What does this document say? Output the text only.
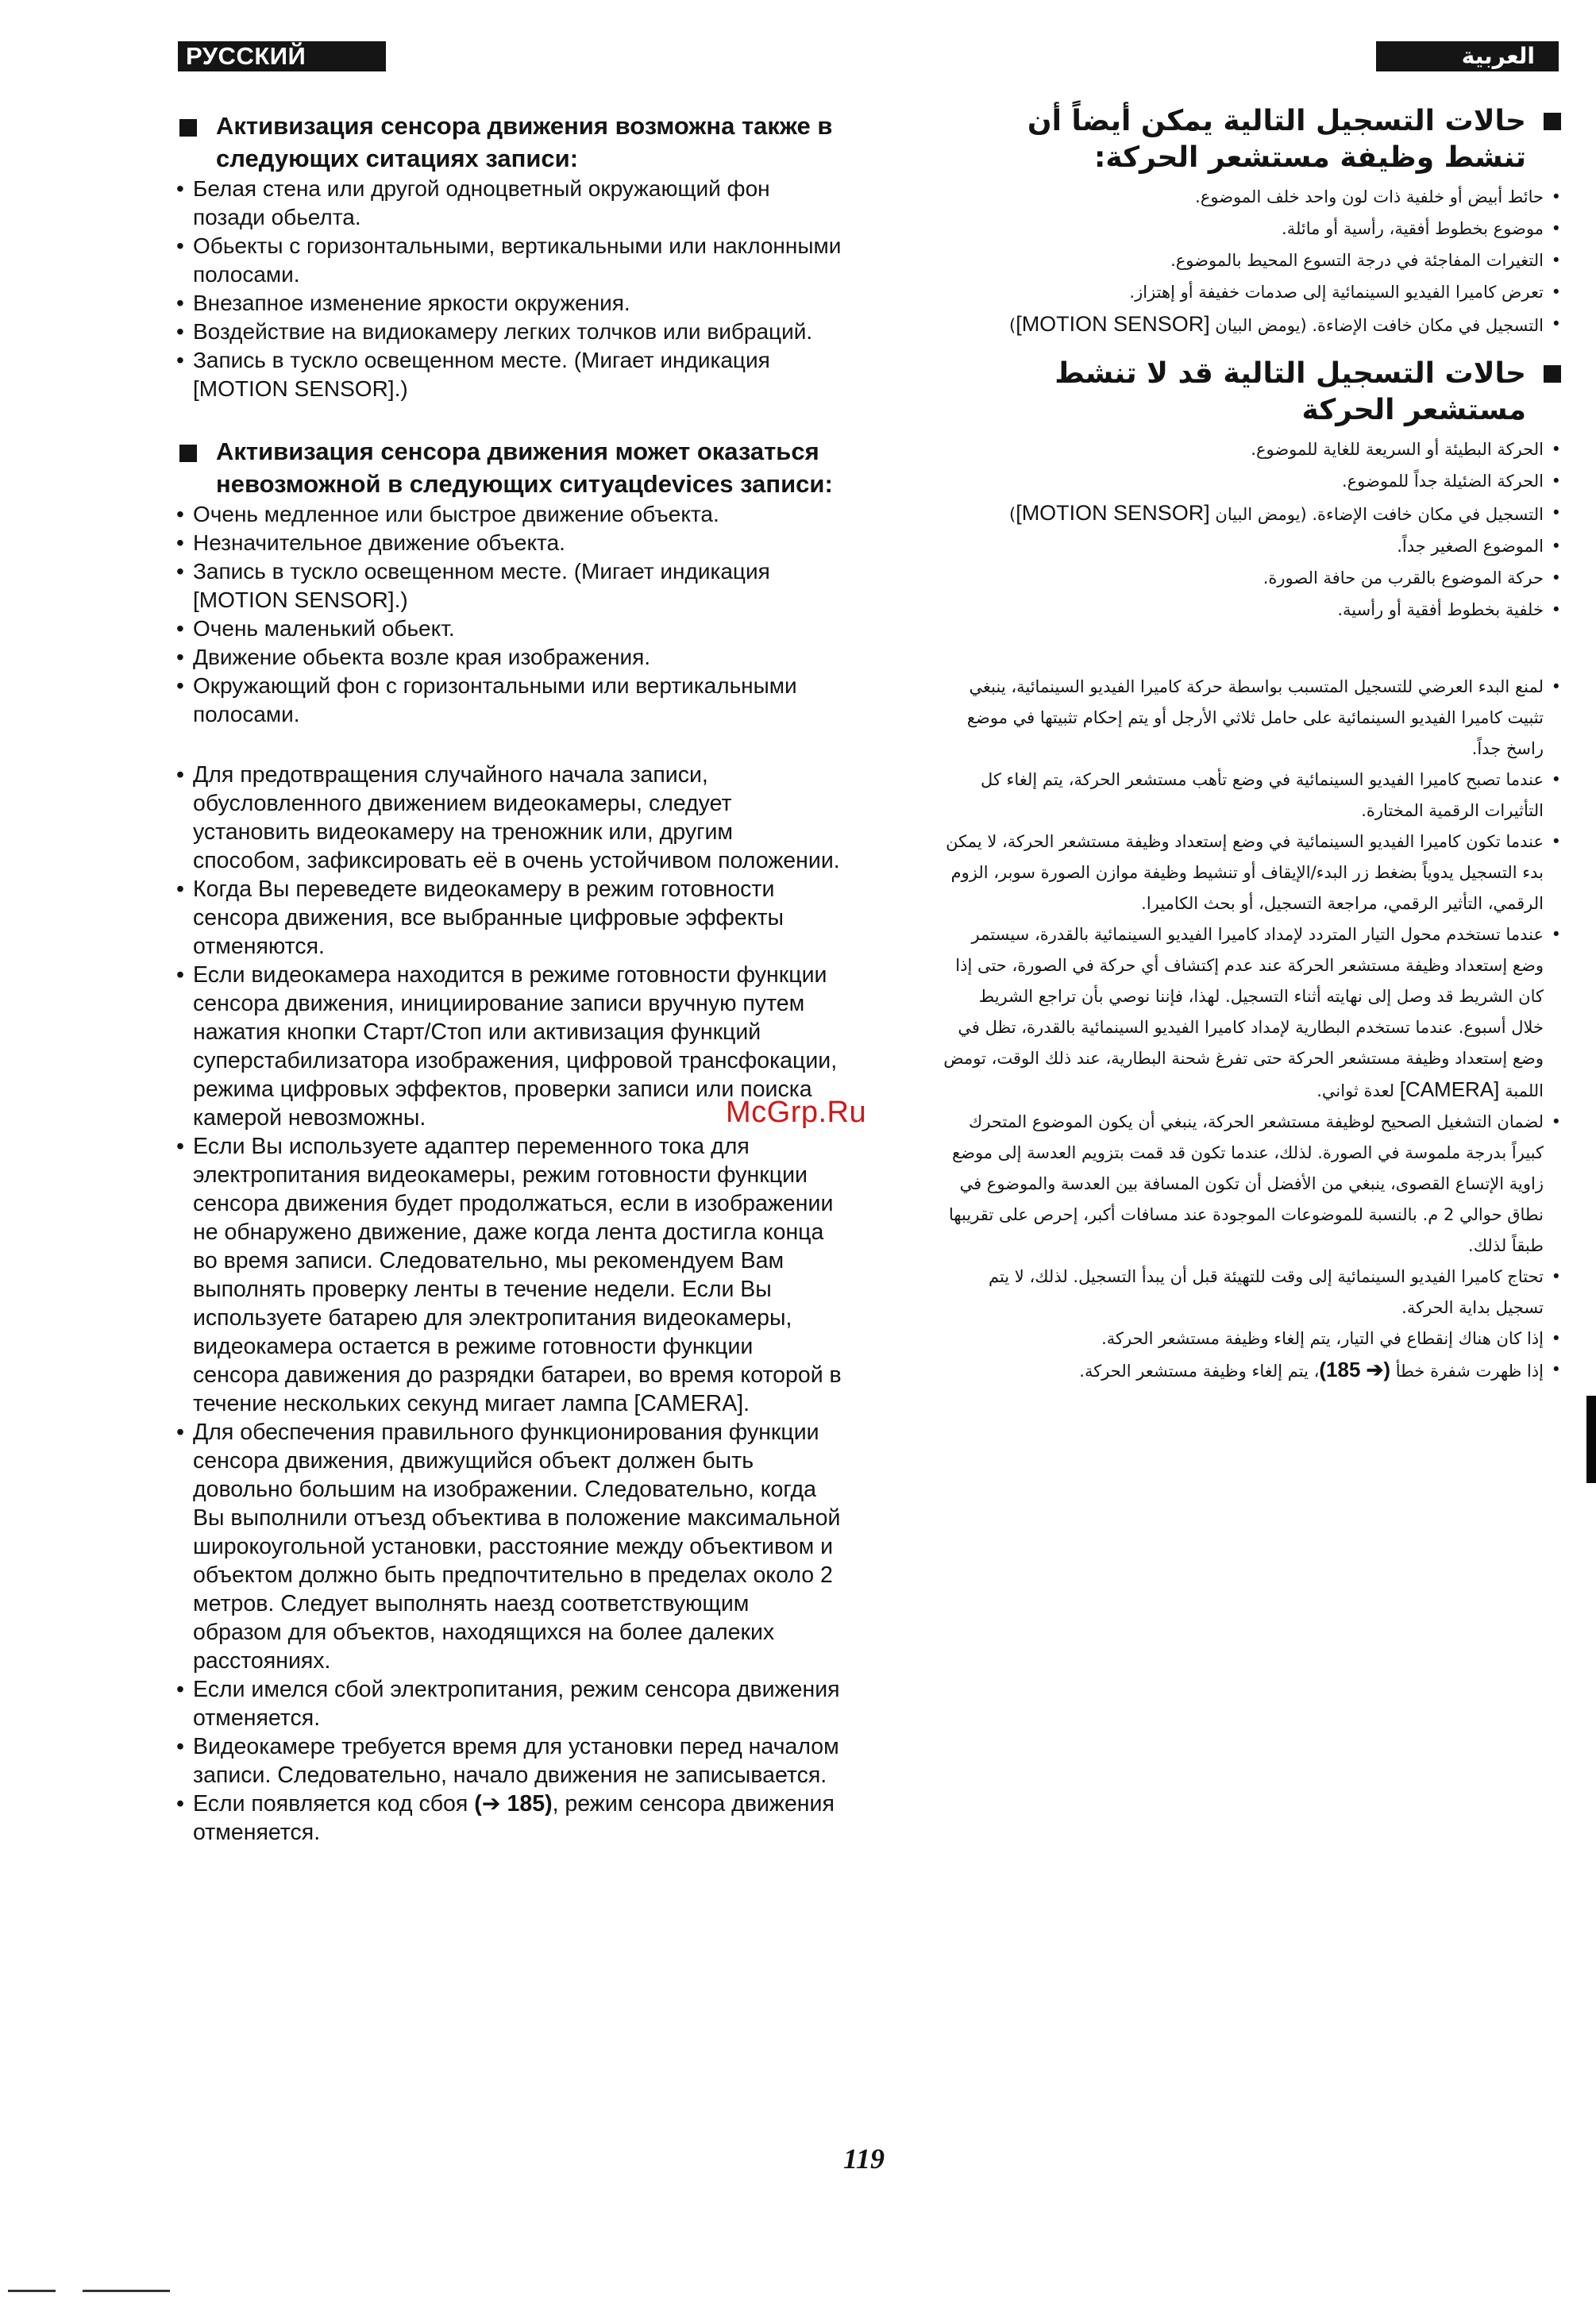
РУССКИЙ ЯЗЫК
العربية
Активизация сенсора движения возможна также в следующих ситациях записи:
• Белая стена или другой одноцветный окружающий фон позади обьелта.
• Обьекты с горизонтальными, вертикальными или наклонными полосами.
• Внезапное изменение яркости окружения.
• Воздействие на видиокамеру легких толчков или вибраций.
• Запись в тускло освещенном месте. (Мигает индикация [MOTION SENSOR].)
Активизация сенсора движения может оказаться невозможной в следующих ситуацdevices записи:
• Очень медленное или быстрое движение объекта.
• Незначительное движение объекта.
• Запись в тускло освещенном месте. (Мигает индикация [MOTION SENSOR].)
• Очень маленький обьект.
• Движение обьекта возле края изображения.
• Окружающий фон с горизонтальными или вертикальными полосами.
• Для предотвращения случайного начала записи, обусловленного движением видеокамеры, следует установить видеокамеру на треножник или, другим способом, зафиксировать её в очень устойчивом положении.
• Когда Вы переведете видеокамеру в режим готовности сенсора движения, все выбранные цифровые эффекты отменяются.
• Если видеокамера находится в режиме готовности функции сенсора движения, инициирование записи вручную путем нажатия кнопки Старт/Стоп или активизация функций суперстабилизатора изображения, цифровой трансфокации, режима цифровых эффектов, проверки записи или поиска камерой невозможны.
• Если Вы используете адаптер переменного тока для электропитания видеокамеры, режим готовности функции сенсора движения будет продолжаться, если в изображении не обнаружено движение, даже когда лента достигла конца во время записи. Следовательно, мы рекомендуем Вам выполнять проверку ленты в течение недели. Если Вы используете батарею для электропитания видеокамеры, видеокамера остается в режиме готовности функции сенсора давижения до разрядки батареи, во время которой в течение нескольких секунд мигает лампа [CAMERA].
• Для обеспечения правильного функционирования функции сенсора движения, движущийся объект должен быть довольно большим на изображении. Следовательно, когда Вы выполнили отъезд объектива в положение максимальной широкоугольной установки, расстояние между объективом и объектом должно быть предпочтительно в пределах около 2 метров. Следует выполнять наезд соответствующим образом для объектов, находящихся на более далеких расстояниях.
• Если имелся сбой электропитания, режим сенсора движения отменяется.
• Видеокамере требуется время для установки перед началом записи. Следовательно, начало движения не записывается.
• Если появляется код сбоя (➔ 185), режим сенсора движения отменяется.
حالات التسجيل التالية يمكن أيضاً أن تنشط وظيفة مستشعر الحركة:
• حائط أبيض أو خلفية ذات لون واحد خلف الموضوع.
• موضوع بخطوط أفقية، رأسية أو مائلة.
• التغيرات المفاجئة في درجة التسوع المحيط بالموضوع.
• تعرض كاميرا الفيديو السينمائية إلى صدمات خفيفة أو إهتزاز.
• التسجيل في مكان خافت الإضاءة. (يومض البيان [MOTION SENSOR])
حالات التسجيل التالية قد لا تنشط مستشعر الحركة
• الحركة البطيئة أو السريعة للغاية للموضوع.
• الحركة الضئيلة جداً للموضوع.
• التسجيل في مكان خافت الإضاءة. (يومض البيان [MOTION SENSOR])
• الموضوع الصغير جداً.
• حركة الموضوع بالقرب من حافة الصورة.
• خلفية بخطوط أفقية أو رأسية.
• لمنع البدء العرضي للتسجيل المتسبب بواسطة حركة كاميرا الفيديو السينمائية، ينبغي تثبيت كاميرا الفيديو السينمائية على حامل ثلاثي الأرجل أو يتم إحكام تثبيتها في موضع راسخ جداً.
• عندما تصبح كاميرا الفيديو السينمائية في وضع تأهب مستشعر الحركة، يتم إلغاء كل التأثيرات الرقمية المختارة.
• عندما تكون كاميرا الفيديو السينمائية في وضع إستعداد وظيفة مستشعر الحركة، لا يمكن بدء التسجيل يدوياً بضغط زر البدء/الإيقاف أو تنشيط وظيفة موازن الصورة سوبر، الزوم الرقمي، التأثير الرقمي، مراجعة التسجيل، أو بحث الكاميرا.
• عندما تستخدم محول التيار المتردد لإمداد كاميرا الفيديو السينمائية بالقدرة، سيستمر وضع إستعداد وظيفة مستشعر الحركة عند عدم إكتشاف أي حركة في الصورة، حتى إذا كان الشريط قد وصل إلى نهايته أثناء التسجيل. لهذا، فإننا نوصي بأن تراجع الشريط خلال أسبوع. عندما تستخدم البطارية لإمداد كاميرا الفيديو السينمائية بالقدرة، تظل في وضع إستعداد وظيفة مستشعر الحركة حتى تفرغ شحنة البطارية، عند ذلك الوقت، تومض اللمبة [CAMERA] لعدة ثواني.
• لضمان التشغيل الصحيح لوظيفة مستشعر الحركة، ينبغي أن يكون الموضوع المتحرك كبيراً بدرجة ملموسة في الصورة. لذلك، عندما تكون قد قمت بتزويم العدسة إلى موضع زاوية الإتساع القصوى، ينبغي من الأفضل أن تكون المسافة بين العدسة والموضوع في نطاق حوالي 2 م. بالنسبة للموضوعات الموجودة عند مسافات أكبر، إحرص على تقريبها طبقاً لذلك.
• تحتاج كاميرا الفيديو السينمائية إلى وقت للتهيئة قبل أن يبدأ التسجيل. لذلك، لا يتم تسجيل بداية الحركة.
• إذا كان هناك إنقطاع في التيار، يتم إلغاء وظيفة مستشعر الحركة.
• إذا ظهرت شفرة خطأ (185 ➔)، يتم إلغاء وظيفة مستشعر الحركة.
McGrp.Ru
119
